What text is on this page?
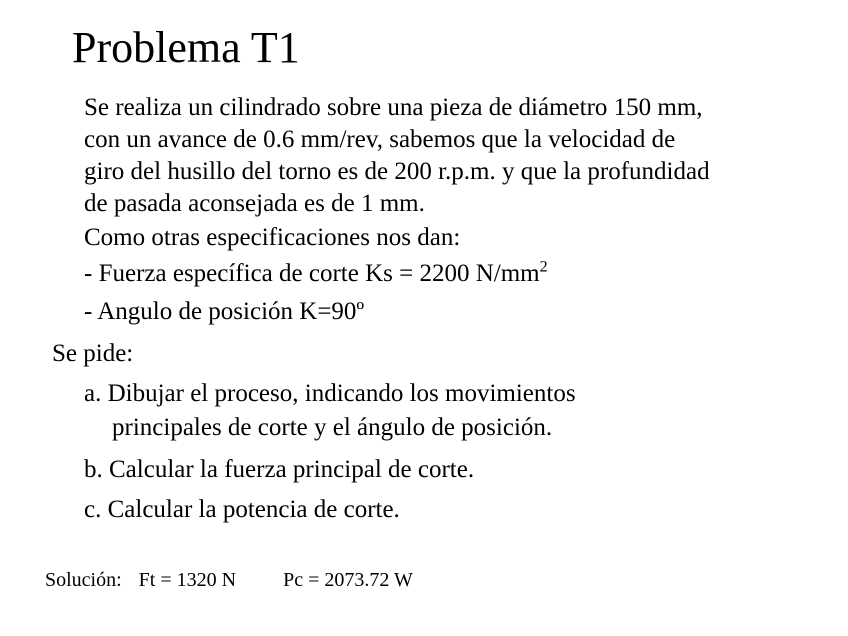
Problema T1
Se realiza un cilindrado sobre una pieza de diámetro 150 mm,
con un avance de 0.6 mm/rev, sabemos que la velocidad de
giro del husillo del torno es de 200 r.p.m. y que la profundidad
de pasada aconsejada es de 1 mm.
Como otras especificaciones nos dan:
- Fuerza específica de corte Ks = 2200 $N/mm^2$
- Angulo de posición K=90º
Se pide:
a. Dibujar el proceso, indicando los movimientos
principales de corte y el ángulo de posición.
b. Calcular la fuerza principal de corte.
c. Calcular la potencia de corte.
Solución: Ft = 1320 N Pc = 2073.72 W
